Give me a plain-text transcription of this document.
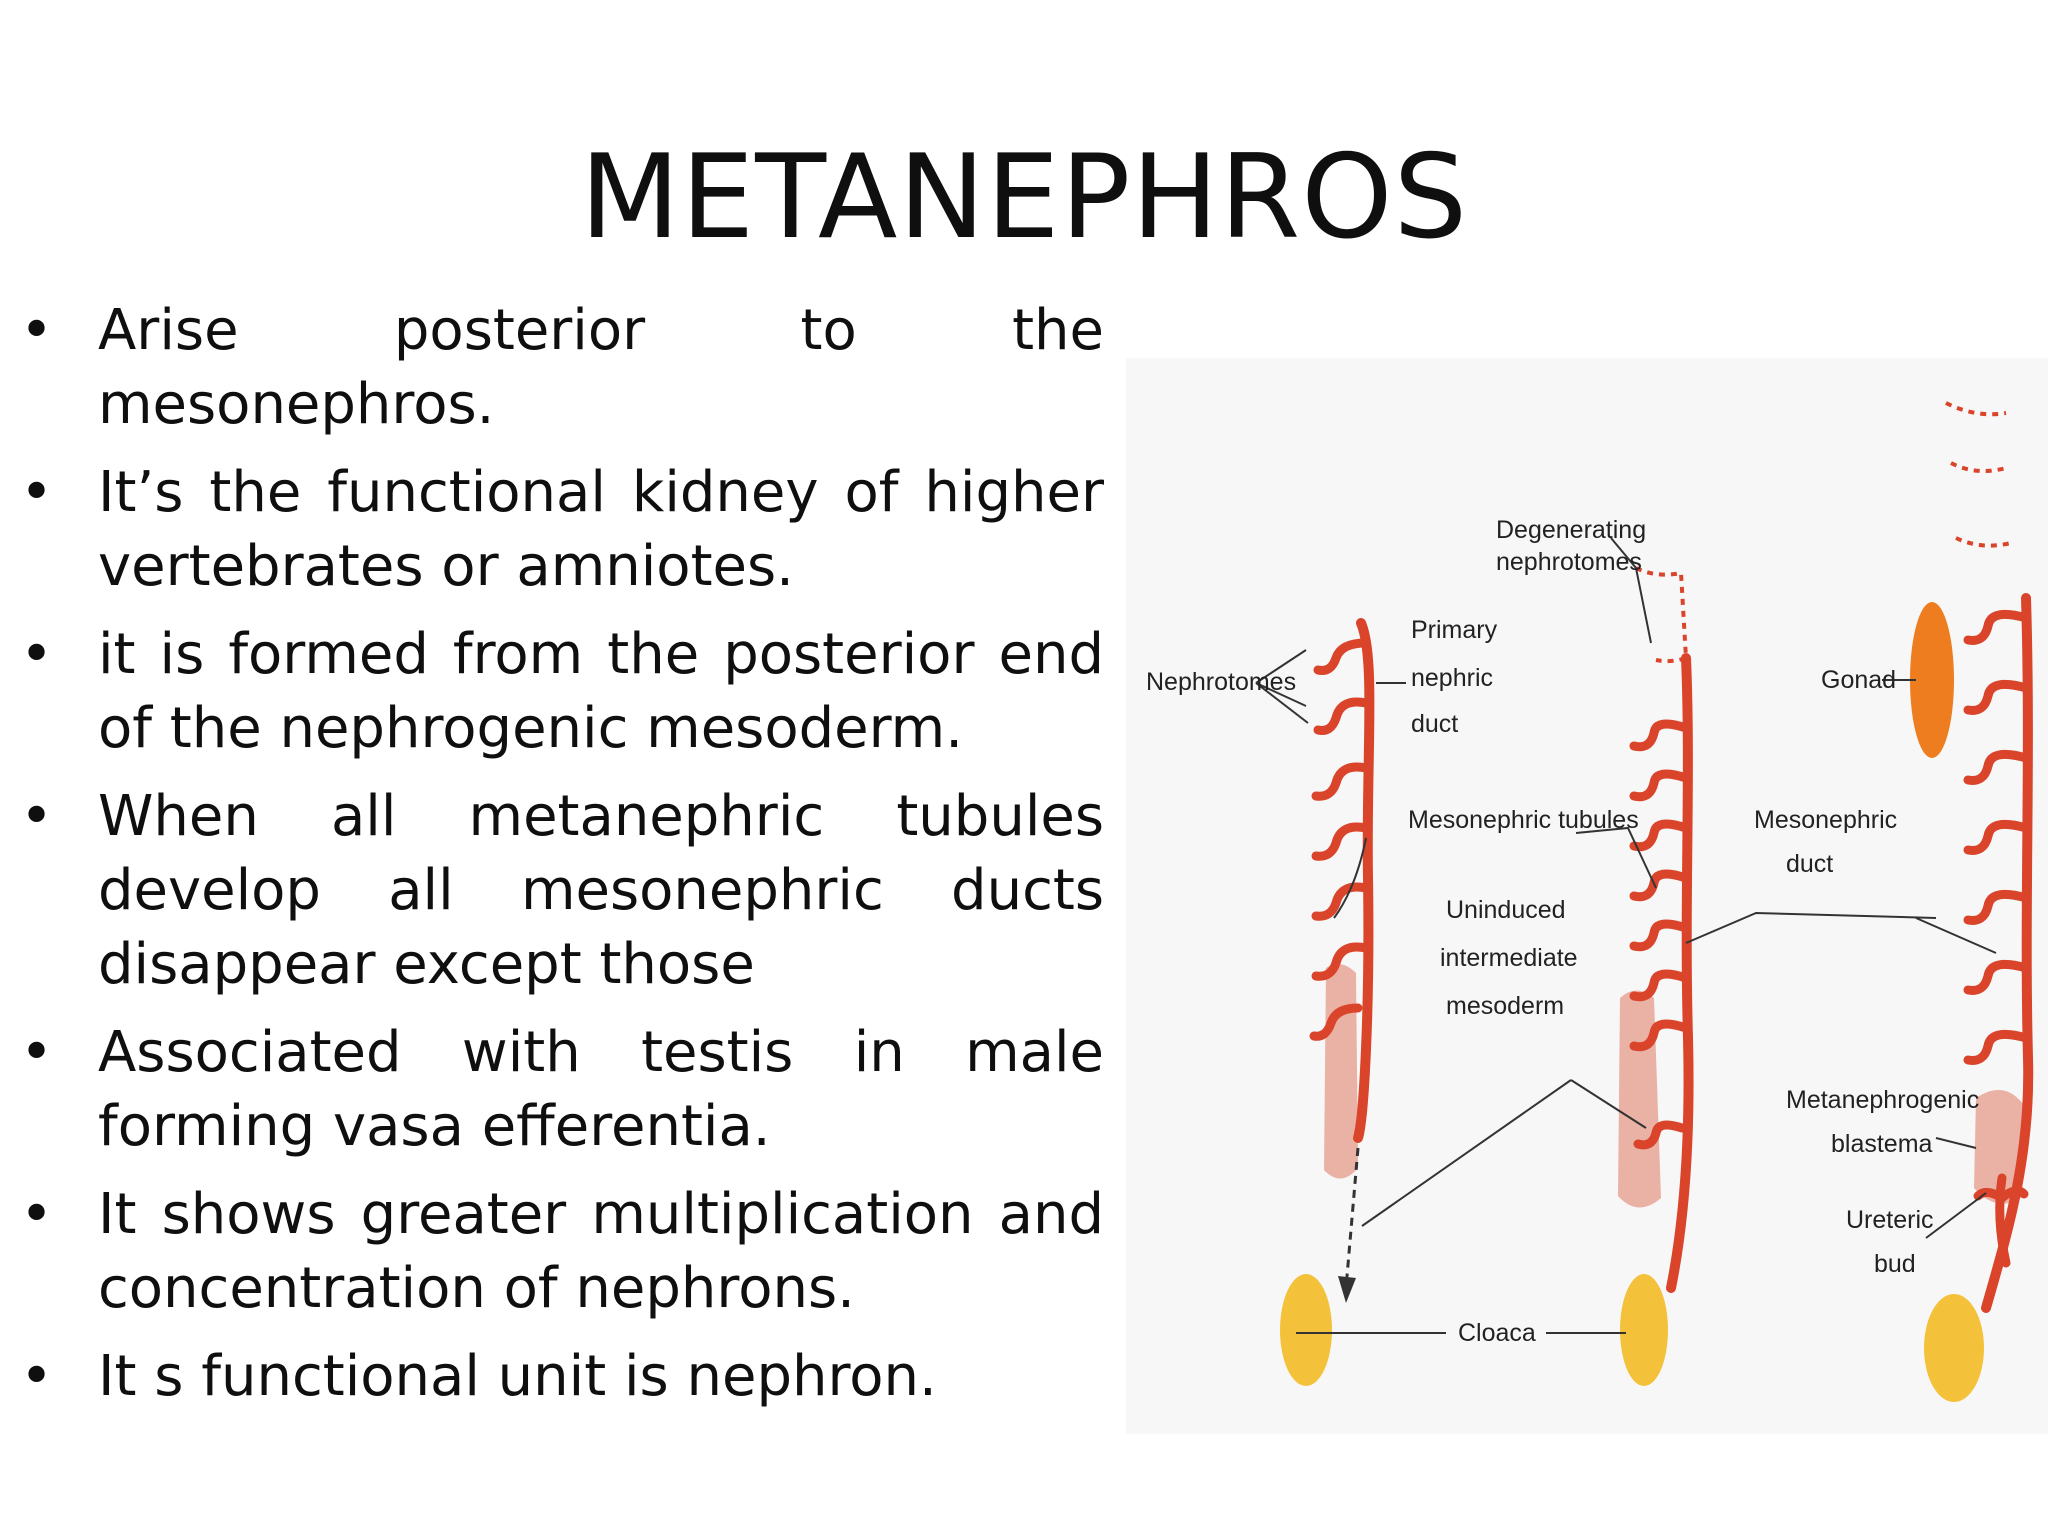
METANEPHROS
• Arise posterior to the mesonephros.
• It’s the functional kidney of higher vertebrates or amniotes.
• it is formed from the posterior end of the nephrogenic mesoderm.
• When all metanephric tubules develop all mesonephric ducts disappear except those
• Associated with testis in male forming vasa efferentia.
• It shows greater multiplication and concentration of nephrons.
• It s functional unit is nephron.
Nephrotomes
Degenerating
nephrotomes
Primary
nephric
duct
Mesonephric tubules
Uninduced
intermediate
mesoderm
Cloaca
Gonad
Mesonephric
duct
Metanephrogenic
blastema
Ureteric
bud
